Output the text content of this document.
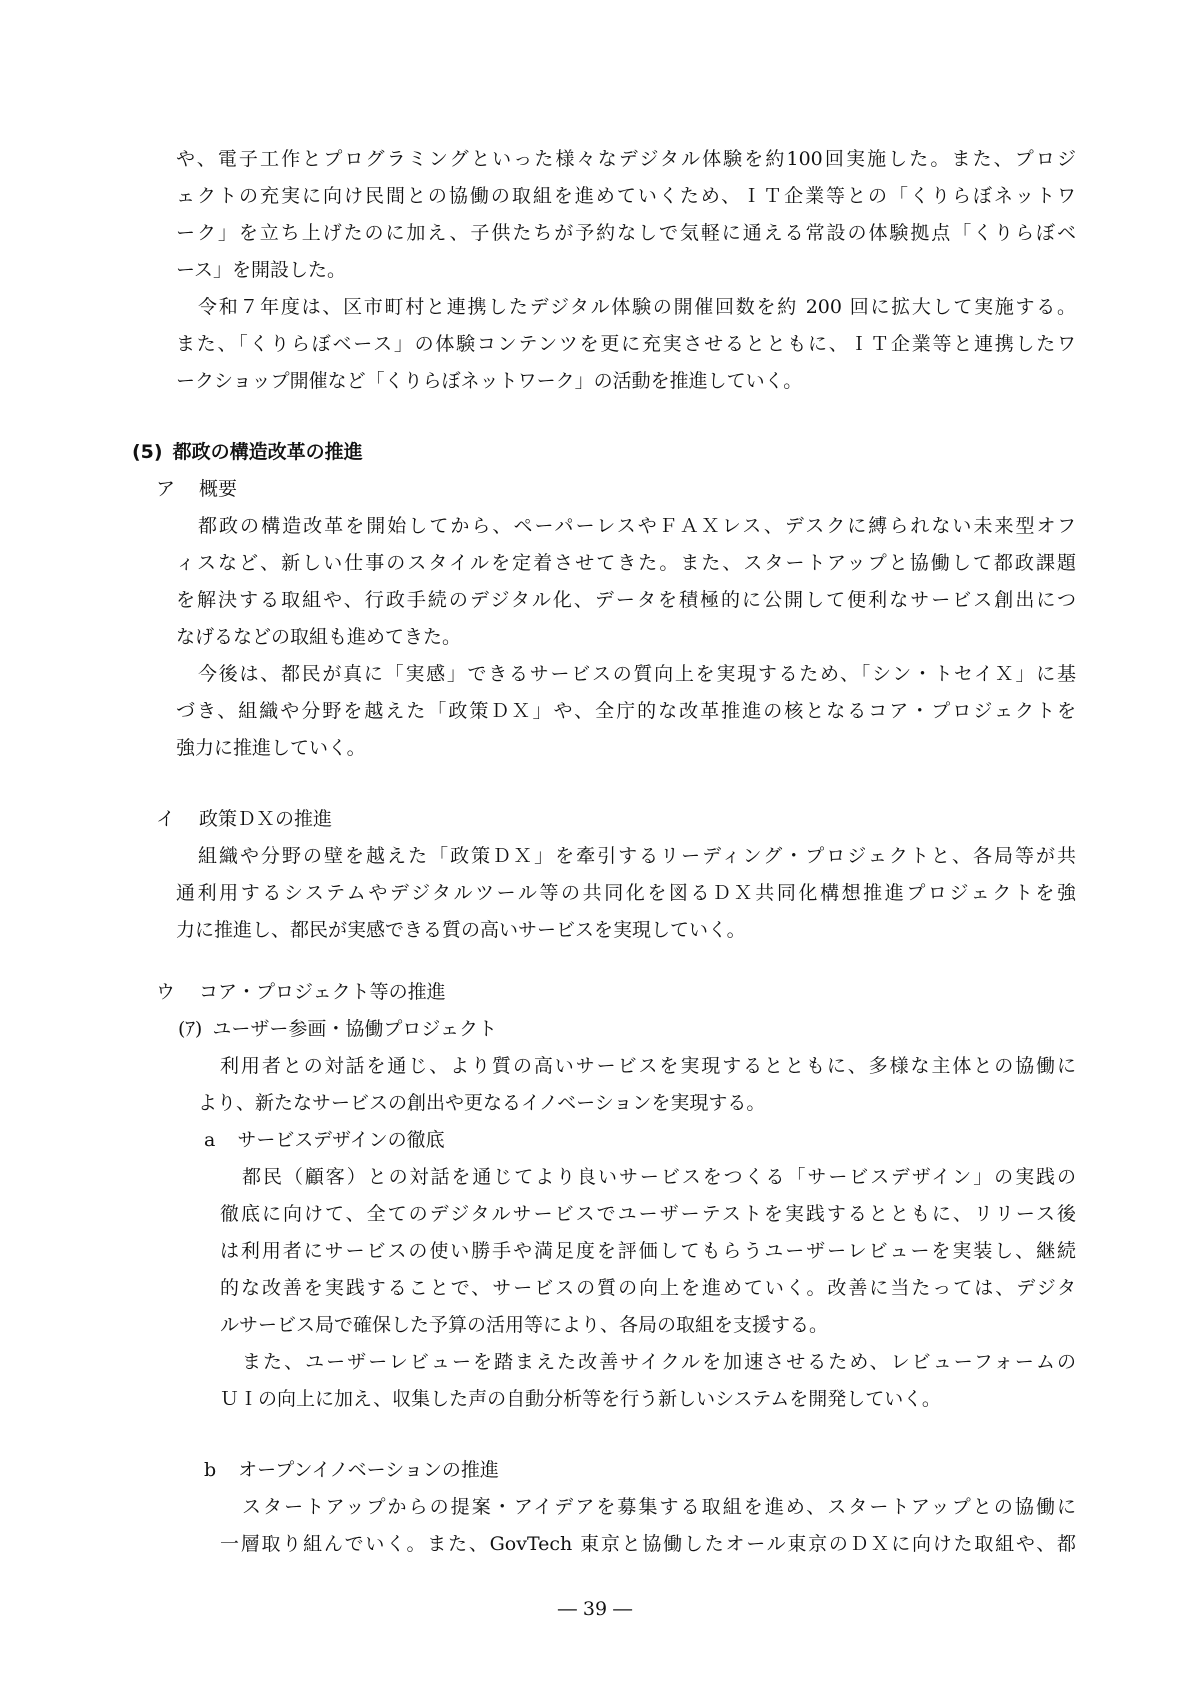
や、電子工作とプログラミングといった様々なデジタル体験を約100回実施した。また、プロジ
ェクトの充実に向け民間との協働の取組を進めていくため、ＩＴ企業等との「くりらぼネットワ
ーク」を立ち上げたのに加え、子供たちが予約なしで気軽に通える常設の体験拠点「くりらぼベ
ース」を開設した。
令和７年度は、区市町村と連携したデジタル体験の開催回数を約 200 回に拡大して実施する。
また、「くりらぼベース」の体験コンテンツを更に充実させるとともに、ＩＴ企業等と連携したワ
ークショップ開催など「くりらぼネットワーク」の活動を推進していく。
(5) 都政の構造改革の推進
ア 概要
都政の構造改革を開始してから、ペーパーレスやＦＡＸレス、デスクに縛られない未来型オフ
ィスなど、新しい仕事のスタイルを定着させてきた。また、スタートアップと協働して都政課題
を解決する取組や、行政手続のデジタル化、データを積極的に公開して便利なサービス創出につ
なげるなどの取組も進めてきた。
今後は、都民が真に「実感」できるサービスの質向上を実現するため、「シン・トセイＸ」に基
づき、組織や分野を越えた「政策ＤＸ」や、全庁的な改革推進の核となるコア・プロジェクトを
強力に推進していく。
イ 政策ＤＸの推進
組織や分野の壁を越えた「政策ＤＸ」を牽引するリーディング・プロジェクトと、各局等が共
通利用するシステムやデジタルツール等の共同化を図るＤＸ共同化構想推進プロジェクトを強
力に推進し、都民が実感できる質の高いサービスを実現していく。
ウ コア・プロジェクト等の推進
(ｱ) ユーザー参画・協働プロジェクト
利用者との対話を通じ、より質の高いサービスを実現するとともに、多様な主体との協働に
より、新たなサービスの創出や更なるイノベーションを実現する。
a サービスデザインの徹底
都民（顧客）との対話を通じてより良いサービスをつくる「サービスデザイン」の実践の
徹底に向けて、全てのデジタルサービスでユーザーテストを実践するとともに、リリース後
は利用者にサービスの使い勝手や満足度を評価してもらうユーザーレビューを実装し、継続
的な改善を実践することで、サービスの質の向上を進めていく。改善に当たっては、デジタ
ルサービス局で確保した予算の活用等により、各局の取組を支援する。
また、ユーザーレビューを踏まえた改善サイクルを加速させるため、レビューフォームの
ＵＩの向上に加え、収集した声の自動分析等を行う新しいシステムを開発していく。
b オープンイノベーションの推進
スタートアップからの提案・アイデアを募集する取組を進め、スタートアップとの協働に
一層取り組んでいく。また、GovTech 東京と協働したオール東京のＤＸに向けた取組や、都
― 39 ―
